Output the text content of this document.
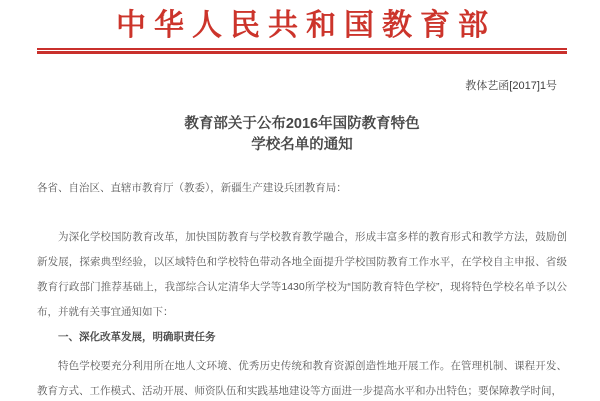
中华人民共和国教育部
教体艺函[2017]1号
教育部关于公布2016年国防教育特色
学校名单的通知

各省、自治区、直辖市教育厅（教委），新疆生产建设兵团教育局：

为深化学校国防教育改革，加快国防教育与学校教育教学融合，形成丰富多样的教育形式和教学方法，鼓励创新发展，探索典型经验，以区域特色和学校特色带动各地全面提升学校国防教育工作水平，在学校自主申报、省级教育行政部门推荐基础上，我部综合认定清华大学等1430所学校为“国防教育特色学校”，现将特色学校名单予以公布，并就有关事宜通知如下：

一、深化改革发展，明确职责任务

特色学校要充分利用所在地人文环境、优秀历史传统和教育资源创造性地开展工作。在管理机制、课程开发、教育方式、工作模式、活动开展、师资队伍和实践基地建设等方面进一步提高水平和办出特色；要保障教学时间，
